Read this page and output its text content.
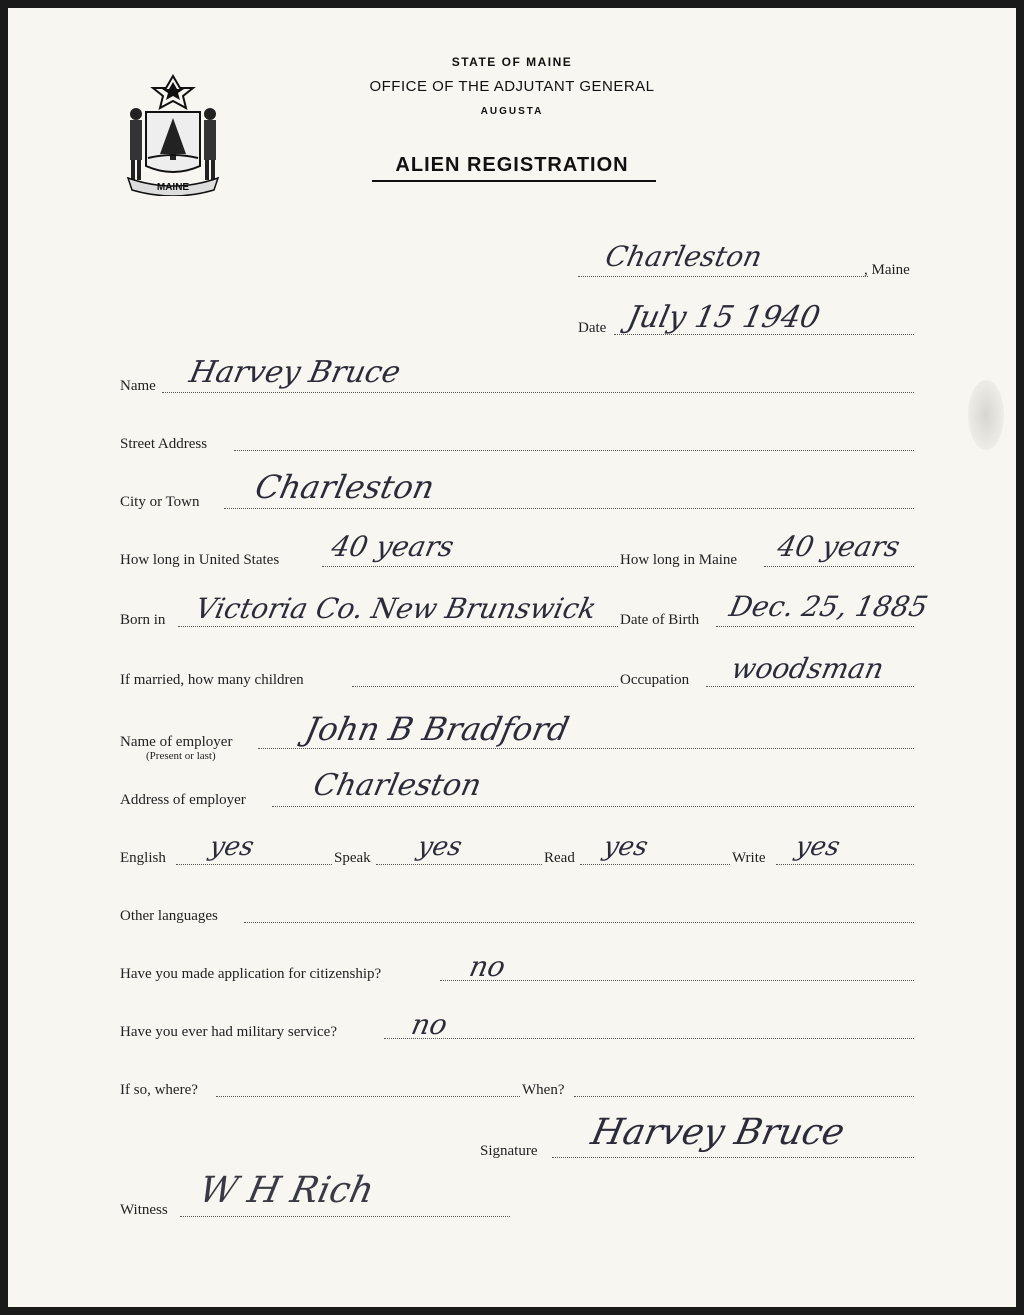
MAINE
STATE OF MAINE
OFFICE OF THE ADJUTANT GENERAL
AUGUSTA
ALIEN REGISTRATION
Charleston	, Maine
Date July 15 1940
Name Harvey Bruce
Street Address
City or Town Charleston
How long in United States 40 years	How long in Maine 40 years
Born in Victoria Co. New Brunswick Date of Birth Dec. 25, 1885
If married, how many children	Occupation woodsman
Name of employer
(Present or last)
John B Bradford
Address of employer Charleston
English yes	Speak yes	Read yes	Write yes
Other languages
Have you made application for citizenship?	no
Have you ever had military service?	no
If so, where?	When?
Signature Harvey Bruce
Witness W H Rich
